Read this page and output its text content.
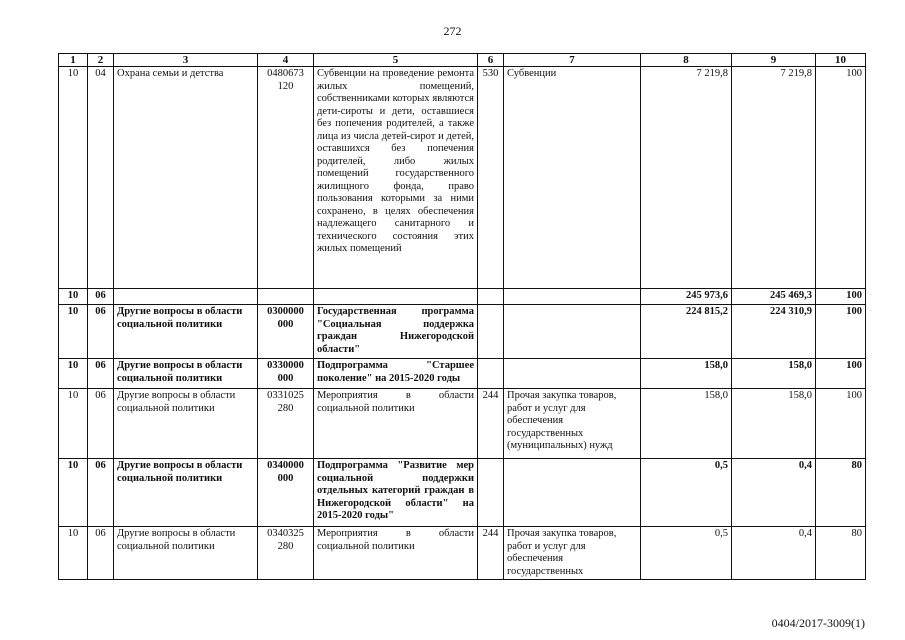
272
1	2	3	4	5	6	7	8	9	10
10	04	Охрана семьи и детства	0480673 120	Субвенции на проведение ремонта жилых помещений, собственниками которых являются дети-сироты и дети, оставшиеся без попечения родителей, а также лица из числа детей-сирот и детей, оставшихся без попечения родителей, либо жилых помещений государственного жилищного фонда, право пользования которыми за ними сохранено, в целях обеспечения надлежащего санитарного и технического состояния этих жилых помещений	530	Субвенции	7 219,8	7 219,8	100
10	06						245 973,6	245 469,3	100
10	06	Другие вопросы в области социальной политики	0300000 000	Государственная программа "Социальная поддержка граждан Нижегородской области"			224 815,2	224 310,9	100
10	06	Другие вопросы в области социальной политики	0330000 000	Подпрограмма "Старшее поколение" на 2015-2020 годы			158,0	158,0	100
10	06	Другие вопросы в области социальной политики	0331025 280	Мероприятия в области социальной политики	244	Прочая закупка товаров, работ и услуг для обеспечения государственных (муниципальных) нужд	158,0	158,0	100
10	06	Другие вопросы в области социальной политики	0340000 000	Подпрограмма "Развитие мер социальной поддержки отдельных категорий граждан в Нижегородской области" на 2015-2020 годы"			0,5	0,4	80
10	06	Другие вопросы в области социальной политики	0340325 280	Мероприятия в области социальной политики	244	Прочая закупка товаров, работ и услуг для обеспечения государственных	0,5	0,4	80
0404/2017-3009(1)
